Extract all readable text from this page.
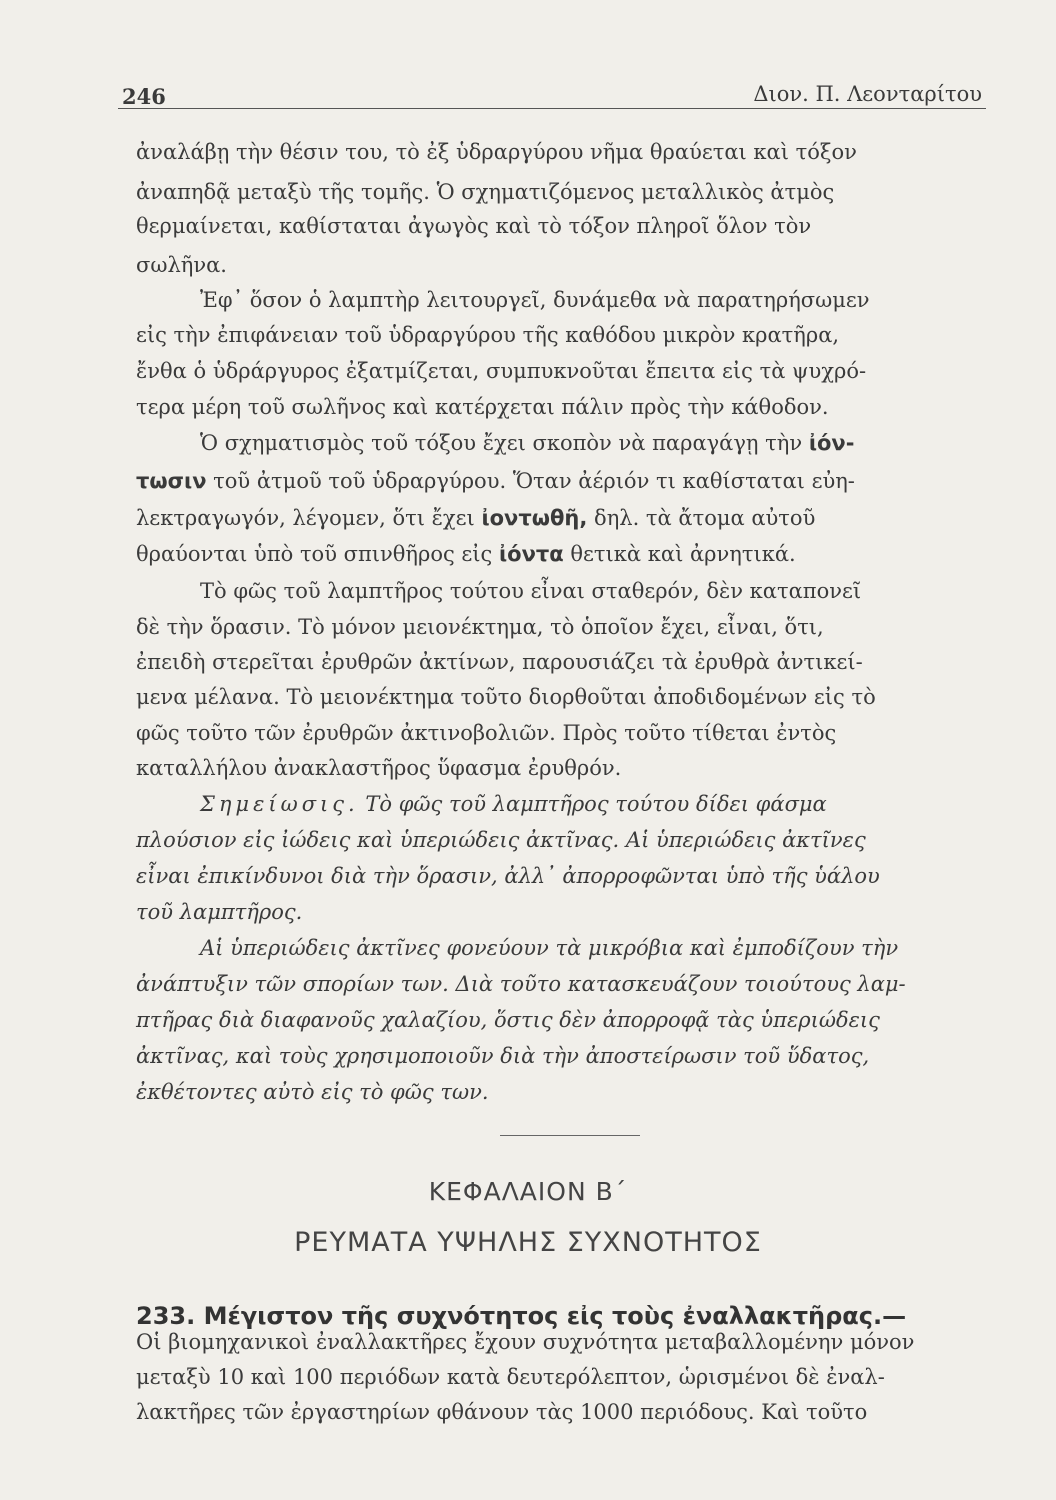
246	Διον. Π. Λεονταρίτου
ἀναλάβῃ τὴν θέσιν του, τὸ ἐξ ὑδραργύρου νῆμα θραύεται καὶ τόξον
ἀναπηδᾷ μεταξὺ τῆς τομῆς. Ὁ σχηματιζόμενος μεταλλικὸς ἀτμὸς
θερμαίνεται, καθίσταται ἀγωγὸς καὶ τὸ τόξον πληροῖ ὅλον τὸν
σωλῆνα.
Ἐφ᾽ ὅσον ὁ λαμπτὴρ λειτουργεῖ, δυνάμεθα νὰ παρατηρήσωμεν
εἰς τὴν ἐπιφάνειαν τοῦ ὑδραργύρου τῆς καθόδου μικρὸν κρατῆρα,
ἔνθα ὁ ὑδράργυρος ἐξατμίζεται, συμπυκνοῦται ἔπειτα εἰς τὰ ψυχρό-
τερα μέρη τοῦ σωλῆνος καὶ κατέρχεται πάλιν πρὸς τὴν κάθοδον.
Ὁ σχηματισμὸς τοῦ τόξου ἔχει σκοπὸν νὰ παραγάγῃ τὴν ἰόν-
τωσιν τοῦ ἀτμοῦ τοῦ ὑδραργύρου. Ὅταν ἀέριόν τι καθίσταται εὐη-
λεκτραγωγόν, λέγομεν, ὅτι ἔχει ἰοντωθῆ, δηλ. τὰ ἄτομα αὐτοῦ
θραύονται ὑπὸ τοῦ σπινθῆρος εἰς ἰόντα θετικὰ καὶ ἀρνητικά.
Τὸ φῶς τοῦ λαμπτῆρος τούτου εἶναι σταθερόν, δὲν καταπονεῖ
δὲ τὴν ὅρασιν. Τὸ μόνον μειονέκτημα, τὸ ὁποῖον ἔχει, εἶναι, ὅτι,
ἐπειδὴ στερεῖται ἐρυθρῶν ἀκτίνων, παρουσιάζει τὰ ἐρυθρὰ ἀντικεί-
μενα μέλανα. Τὸ μειονέκτημα τοῦτο διορθοῦται ἀποδιδομένων εἰς τὸ
φῶς τοῦτο τῶν ἐρυθρῶν ἀκτινοβολιῶν. Πρὸς τοῦτο τίθεται ἐντὸς
καταλλήλου ἀνακλαστῆρος ὕφασμα ἐρυθρόν.
Σημείωσις. Τὸ φῶς τοῦ λαμπτῆρος τούτου δίδει φάσμα
πλούσιον εἰς ἰώδεις καὶ ὑπεριώδεις ἀκτῖνας. Αἱ ὑπεριώδεις ἀκτῖνες
εἶναι ἐπικίνδυνοι διὰ τὴν ὅρασιν, ἀλλ᾽ ἀπορροφῶνται ὑπὸ τῆς ὑάλου
τοῦ λαμπτῆρος.
Αἱ ὑπεριώδεις ἀκτῖνες φονεύουν τὰ μικρόβια καὶ ἐμποδίζουν τὴν
ἀνάπτυξιν τῶν σπορίων των. Διὰ τοῦτο κατασκευάζουν τοιούτους λαμ-
πτῆρας διὰ διαφανοῦς χαλαζίου, ὅστις δὲν ἀπορροφᾷ τὰς ὑπεριώδεις
ἀκτῖνας, καὶ τοὺς χρησιμοποιοῦν διὰ τὴν ἀποστείρωσιν τοῦ ὕδατος,
ἐκθέτοντες αὐτὸ εἰς τὸ φῶς των.
ΚΕΦΑΛΑΙΟΝ Β΄
ΡΕΥΜΑΤΑ ΥΨΗΛΗΣ ΣΥΧΝΟΤΗΤΟΣ
233. Μέγιστον τῆς συχνότητος εἰς τοὺς ἐναλλακτῆρας.—
Οἱ βιομηχανικοὶ ἐναλλακτῆρες ἔχουν συχνότητα μεταβαλλομένην μόνον
μεταξὺ 10 καὶ 100 περιόδων κατὰ δευτερόλεπτον, ὡρισμένοι δὲ ἐναλ-
λακτῆρες τῶν ἐργαστηρίων φθάνουν τὰς 1000 περιόδους. Καὶ τοῦτο
